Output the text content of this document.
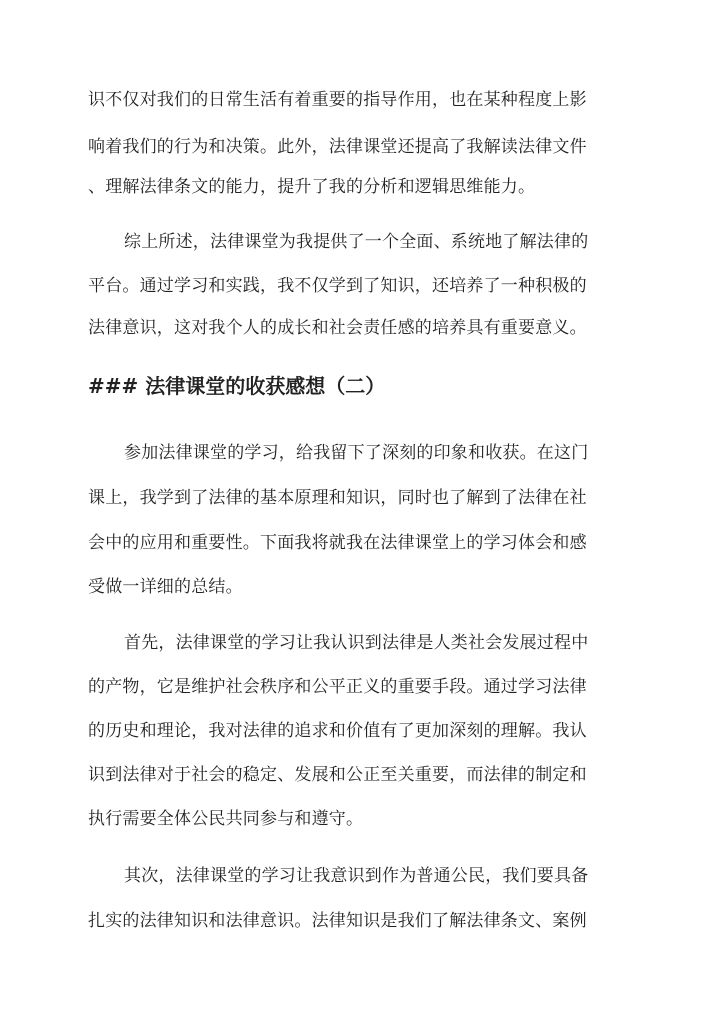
识不仅对我们的日常生活有着重要的指导作用，也在某种程度上影
响着我们的行为和决策。此外，法律课堂还提高了我解读法律文件
、理解法律条文的能力，提升了我的分析和逻辑思维能力。
综上所述，法律课堂为我提供了一个全面、系统地了解法律的
平台。通过学习和实践，我不仅学到了知识，还培养了一种积极的
法律意识，这对我个人的成长和社会责任感的培养具有重要意义。
### 法律课堂的收获感想（二）
参加法律课堂的学习，给我留下了深刻的印象和收获。在这门
课上，我学到了法律的基本原理和知识，同时也了解到了法律在社
会中的应用和重要性。下面我将就我在法律课堂上的学习体会和感
受做一详细的总结。
首先，法律课堂的学习让我认识到法律是人类社会发展过程中
的产物，它是维护社会秩序和公平正义的重要手段。通过学习法律
的历史和理论，我对法律的追求和价值有了更加深刻的理解。我认
识到法律对于社会的稳定、发展和公正至关重要，而法律的制定和
执行需要全体公民共同参与和遵守。
其次，法律课堂的学习让我意识到作为普通公民，我们要具备
扎实的法律知识和法律意识。法律知识是我们了解法律条文、案例
